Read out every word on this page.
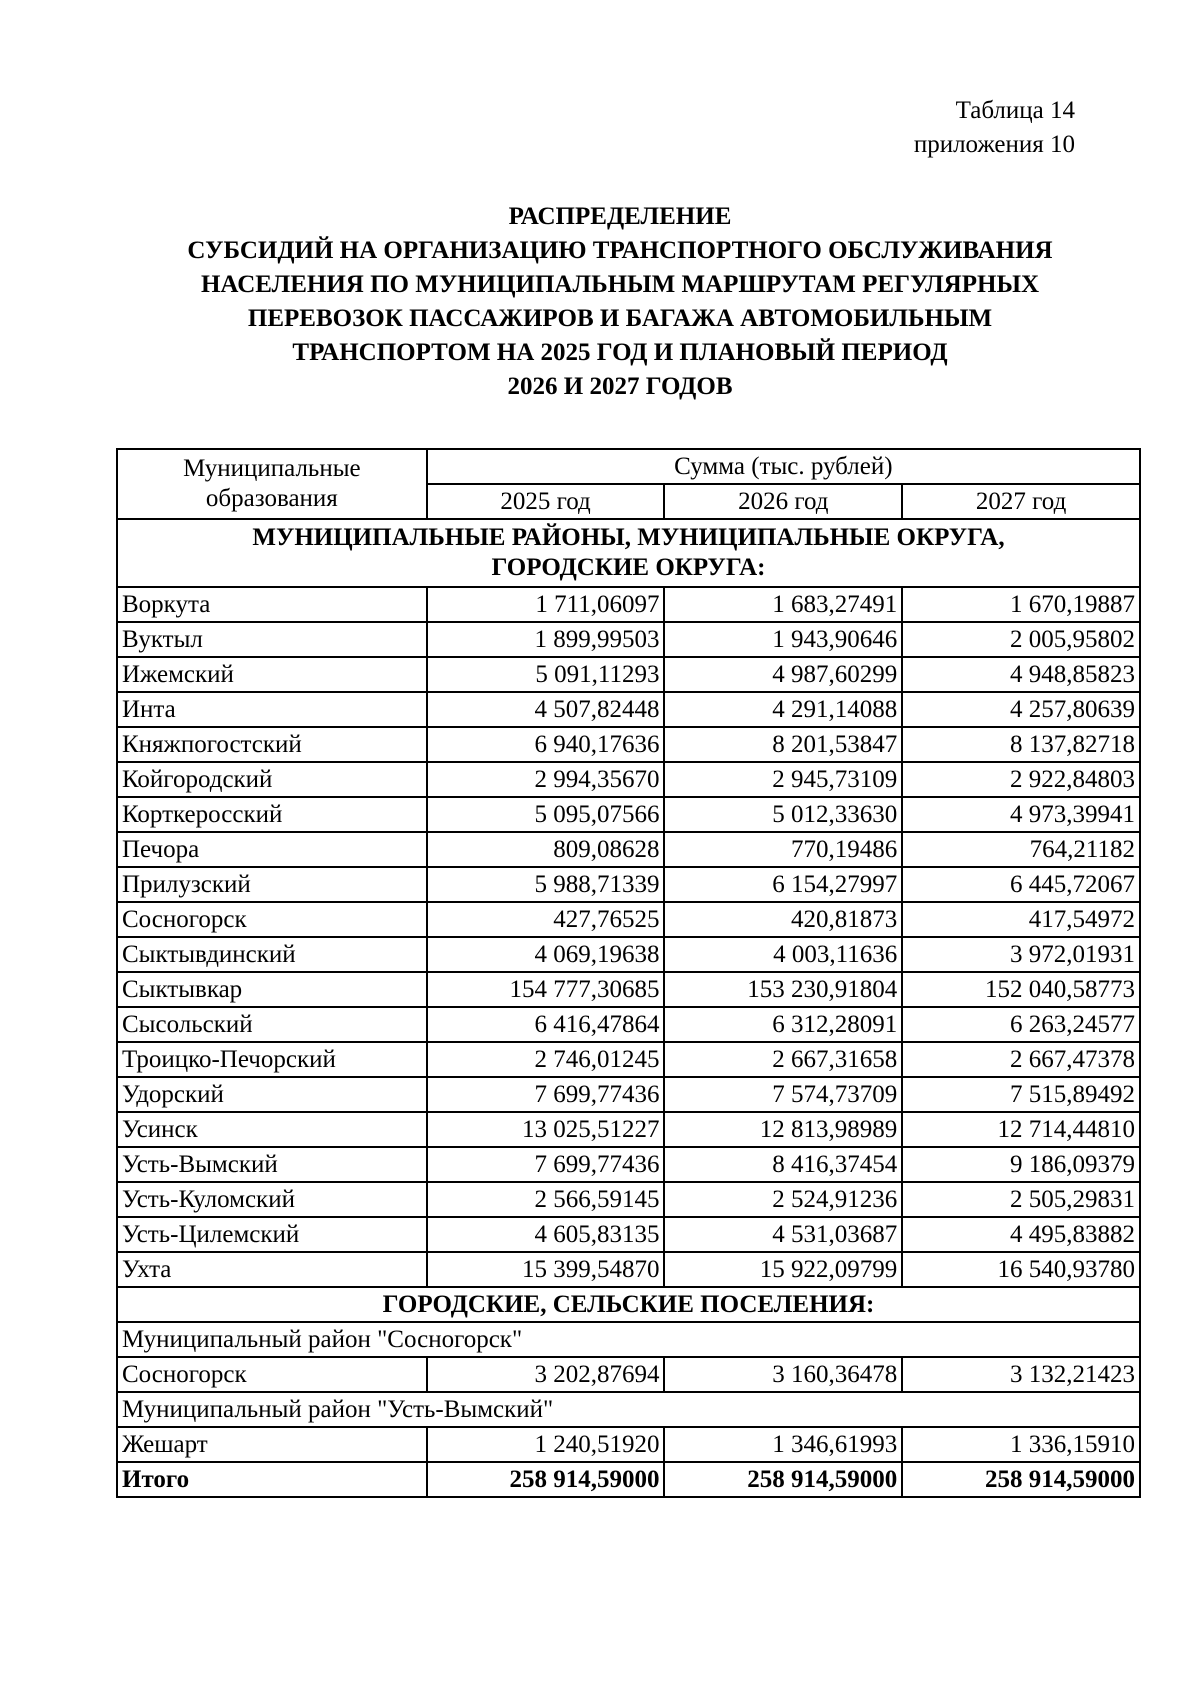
Таблица 14
приложения 10
РАСПРЕДЕЛЕНИЕ
СУБСИДИЙ НА ОРГАНИЗАЦИЮ ТРАНСПОРТНОГО ОБСЛУЖИВАНИЯ
НАСЕЛЕНИЯ ПО МУНИЦИПАЛЬНЫМ МАРШРУТАМ РЕГУЛЯРНЫХ
ПЕРЕВОЗОК ПАССАЖИРОВ И БАГАЖА АВТОМОБИЛЬНЫМ
ТРАНСПОРТОМ НА 2025 ГОД И ПЛАНОВЫЙ ПЕРИОД
2026 И 2027 ГОДОВ
Муниципальные
образования	Сумма (тыс. рублей)		
	2025 год	2026 год	2027 год

МУНИЦИПАЛЬНЫЕ РАЙОНЫ, МУНИЦИПАЛЬНЫЕ ОКРУГА,
ГОРОДСКИЕ ОКРУГА:			

Воркута	1 711,06097	1 683,27491	1 670,19887
Вуктыл	1 899,99503	1 943,90646	2 005,95802
Ижемский	5 091,11293	4 987,60299	4 948,85823
Инта	4 507,82448	4 291,14088	4 257,80639
Княжпогостский	6 940,17636	8 201,53847	8 137,82718
Койгородский	2 994,35670	2 945,73109	2 922,84803
Корткеросский	5 095,07566	5 012,33630	4 973,39941
Печора	809,08628	770,19486	764,21182
Прилузский	5 988,71339	6 154,27997	6 445,72067
Сосногорск	427,76525	420,81873	417,54972
Сыктывдинский	4 069,19638	4 003,11636	3 972,01931
Сыктывкар	154 777,30685	153 230,91804	152 040,58773
Сысольский	6 416,47864	6 312,28091	6 263,24577
Троицко-Печорский	2 746,01245	2 667,31658	2 667,47378
Удорский	7 699,77436	7 574,73709	7 515,89492
Усинск	13 025,51227	12 813,98989	12 714,44810
Усть-Вымский	7 699,77436	8 416,37454	9 186,09379
Усть-Куломский	2 566,59145	2 524,91236	2 505,29831
Усть-Цилемский	4 605,83135	4 531,03687	4 495,83882
Ухта	15 399,54870	15 922,09799	16 540,93780
ГОРОДСКИЕ, СЕЛЬСКИЕ ПОСЕЛЕНИЯ:			
Муниципальный район "Сосногорск"			
Сосногорск	3 202,87694	3 160,36478	3 132,21423
Муниципальный район "Усть-Вымский"			
Жешарт	1 240,51920	1 346,61993	1 336,15910
Итого	258 914,59000	258 914,59000	258 914,59000
